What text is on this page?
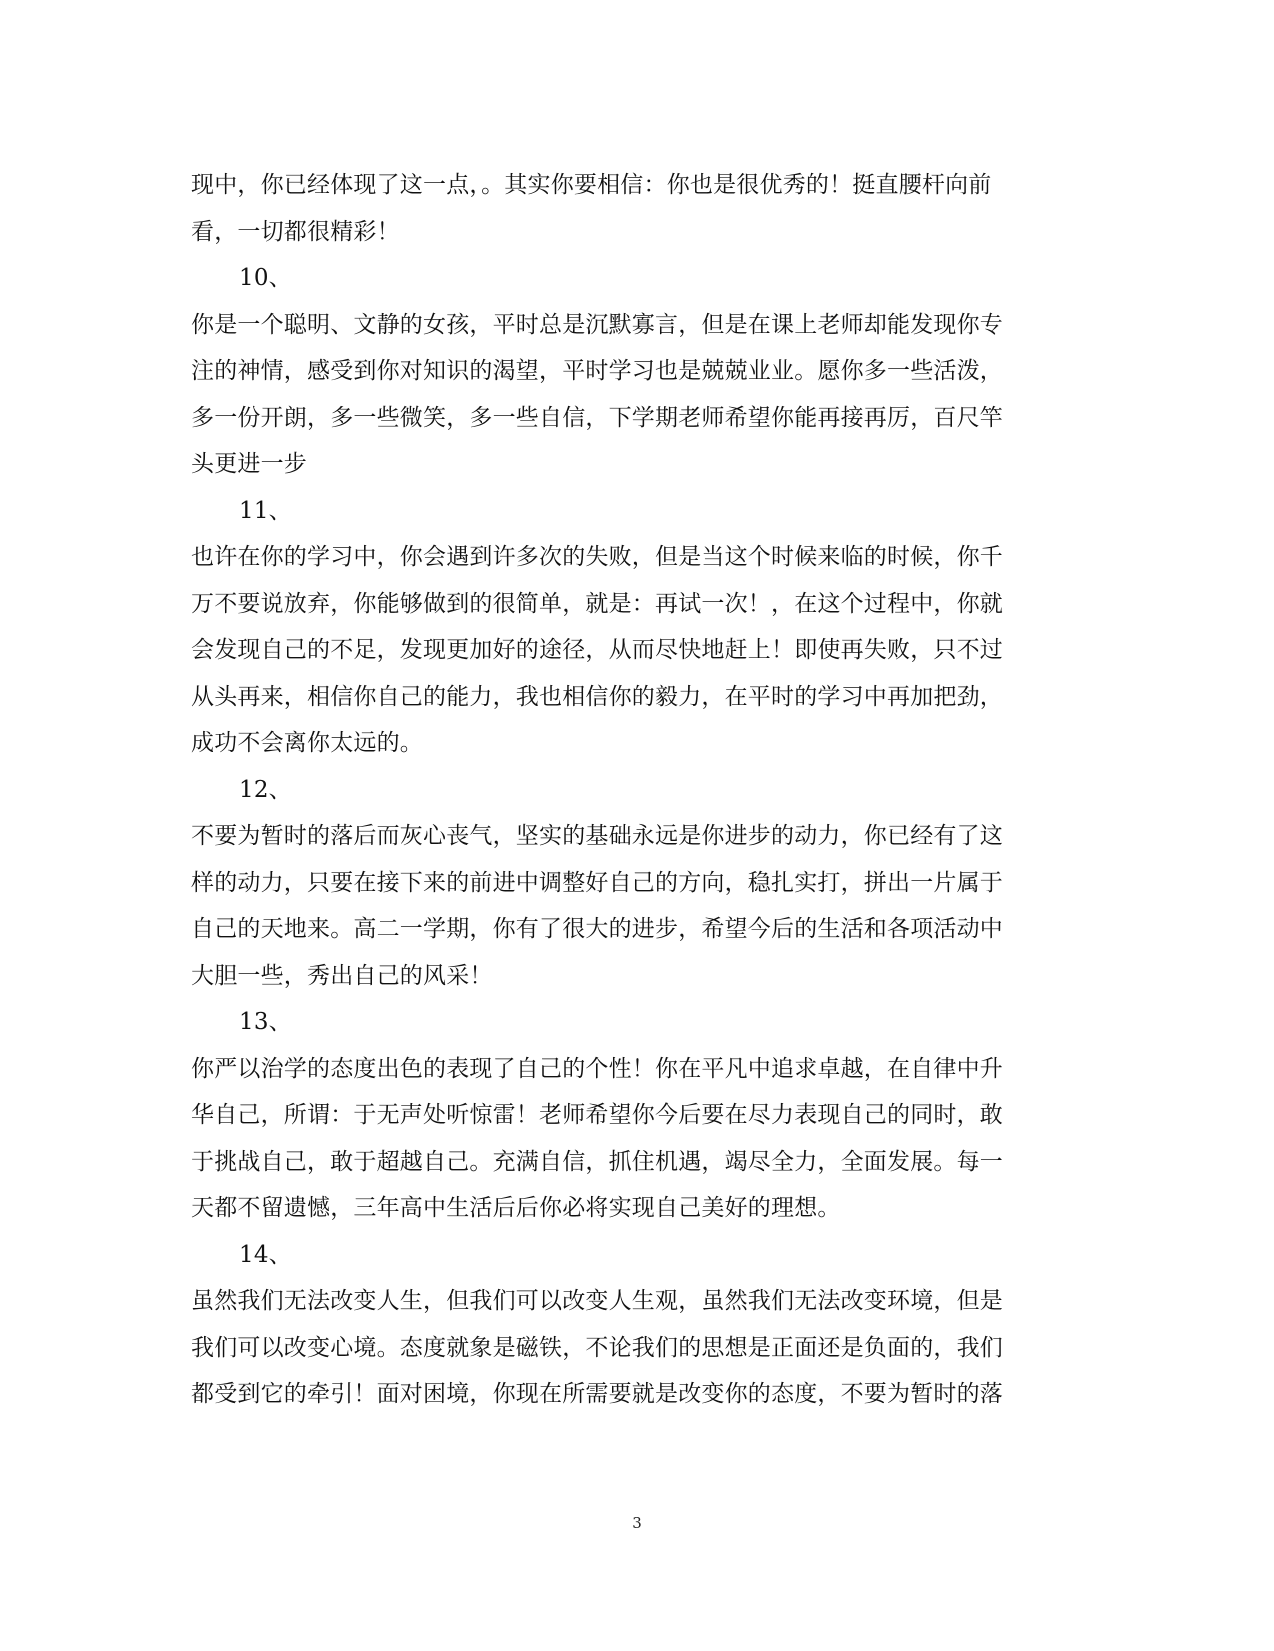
现中，你已经体现了这一点，。其实你要相信：你也是很优秀的！挺直腰杆向前
看，一切都很精彩！
10、
你是一个聪明、文静的女孩，平时总是沉默寡言，但是在课上老师却能发现你专
注的神情，感受到你对知识的渴望，平时学习也是兢兢业业。愿你多一些活泼，
多一份开朗，多一些微笑，多一些自信，下学期老师希望你能再接再厉，百尺竿
头更进一步
11、
也许在你的学习中，你会遇到许多次的失败，但是当这个时候来临的时候，你千
万不要说放弃，你能够做到的很简单，就是：再试一次！，在这个过程中，你就
会发现自己的不足，发现更加好的途径，从而尽快地赶上！即使再失败，只不过
从头再来，相信你自己的能力，我也相信你的毅力，在平时的学习中再加把劲，
成功不会离你太远的。
12、
不要为暂时的落后而灰心丧气，坚实的基础永远是你进步的动力，你已经有了这
样的动力，只要在接下来的前进中调整好自己的方向，稳扎实打，拼出一片属于
自己的天地来。高二一学期，你有了很大的进步，希望今后的生活和各项活动中
大胆一些，秀出自己的风采！
13、
你严以治学的态度出色的表现了自己的个性！你在平凡中追求卓越，在自律中升
华自己，所谓：于无声处听惊雷！老师希望你今后要在尽力表现自己的同时，敢
于挑战自己，敢于超越自己。充满自信，抓住机遇，竭尽全力，全面发展。每一
天都不留遗憾，三年高中生活后后你必将实现自己美好的理想。
14、
虽然我们无法改变人生，但我们可以改变人生观，虽然我们无法改变环境，但是
我们可以改变心境。态度就象是磁铁，不论我们的思想是正面还是负面的，我们
都受到它的牵引！面对困境，你现在所需要就是改变你的态度，不要为暂时的落
3
